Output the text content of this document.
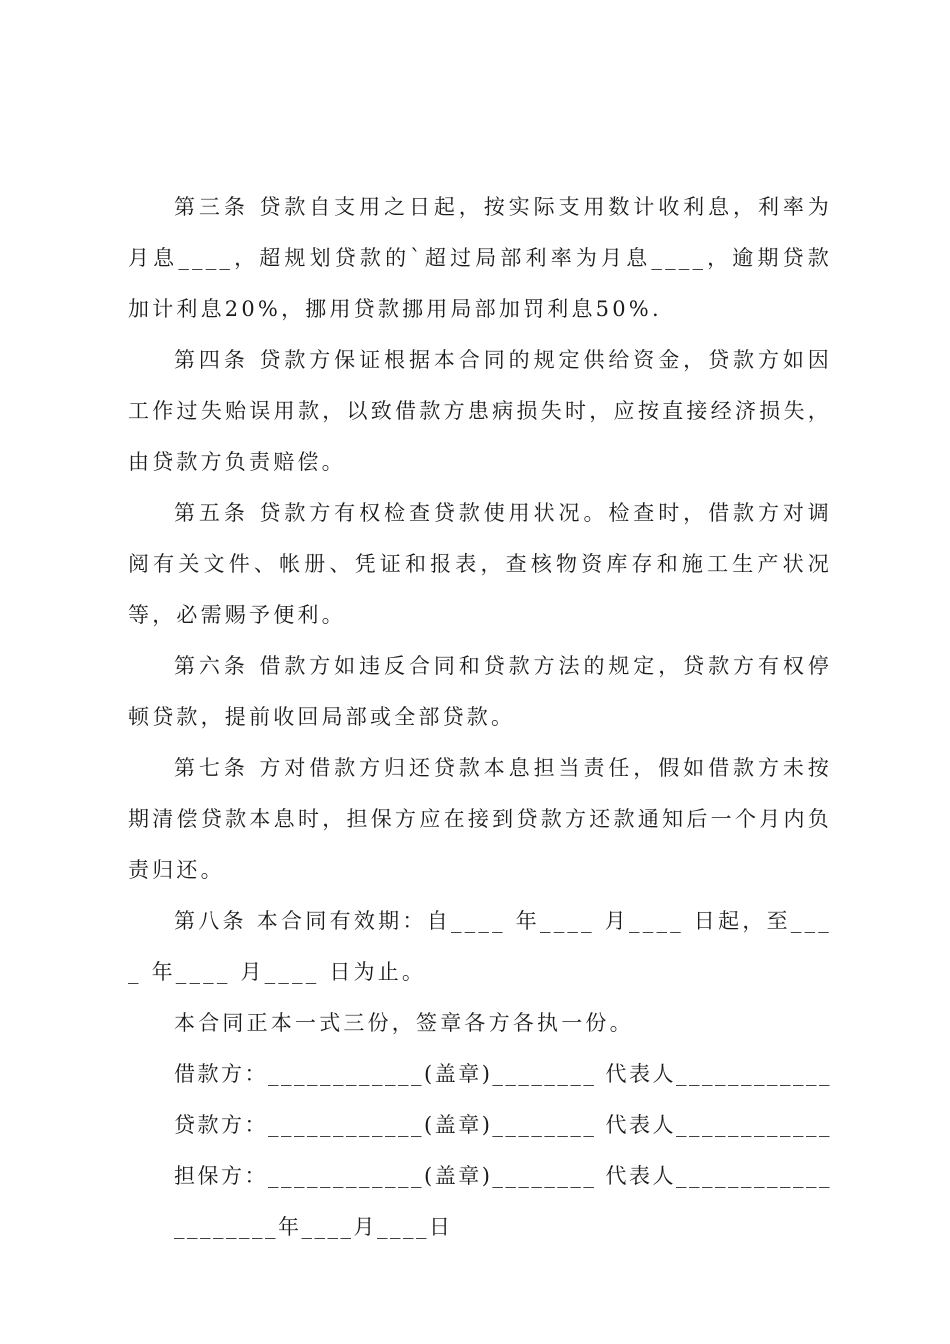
第三条 贷款自支用之日起，按实际支用数计收利息，利率为月息____，超规划贷款的`超过局部利率为月息____，逾期贷款加计利息20%，挪用贷款挪用局部加罚利息50%.

第四条 贷款方保证根据本合同的规定供给资金，贷款方如因工作过失贻误用款，以致借款方患病损失时，应按直接经济损失，由贷款方负责赔偿。

第五条 贷款方有权检查贷款使用状况。检查时，借款方对调阅有关文件、帐册、凭证和报表，查核物资库存和施工生产状况等，必需赐予便利。

第六条 借款方如违反合同和贷款方法的规定，贷款方有权停顿贷款，提前收回局部或全部贷款。

第七条 方对借款方归还贷款本息担当责任，假如借款方未按期清偿贷款本息时，担保方应在接到贷款方还款通知后一个月内负责归还。

第八条 本合同有效期：自____ 年____ 月____ 日起，至____ 年____ 月____ 日为止。

本合同正本一式三份，签章各方各执一份。

借款方：____________(盖章)________ 代表人____________
贷款方：____________(盖章)________ 代表人____________
担保方：____________(盖章)________ 代表人____________
________年____月____日
